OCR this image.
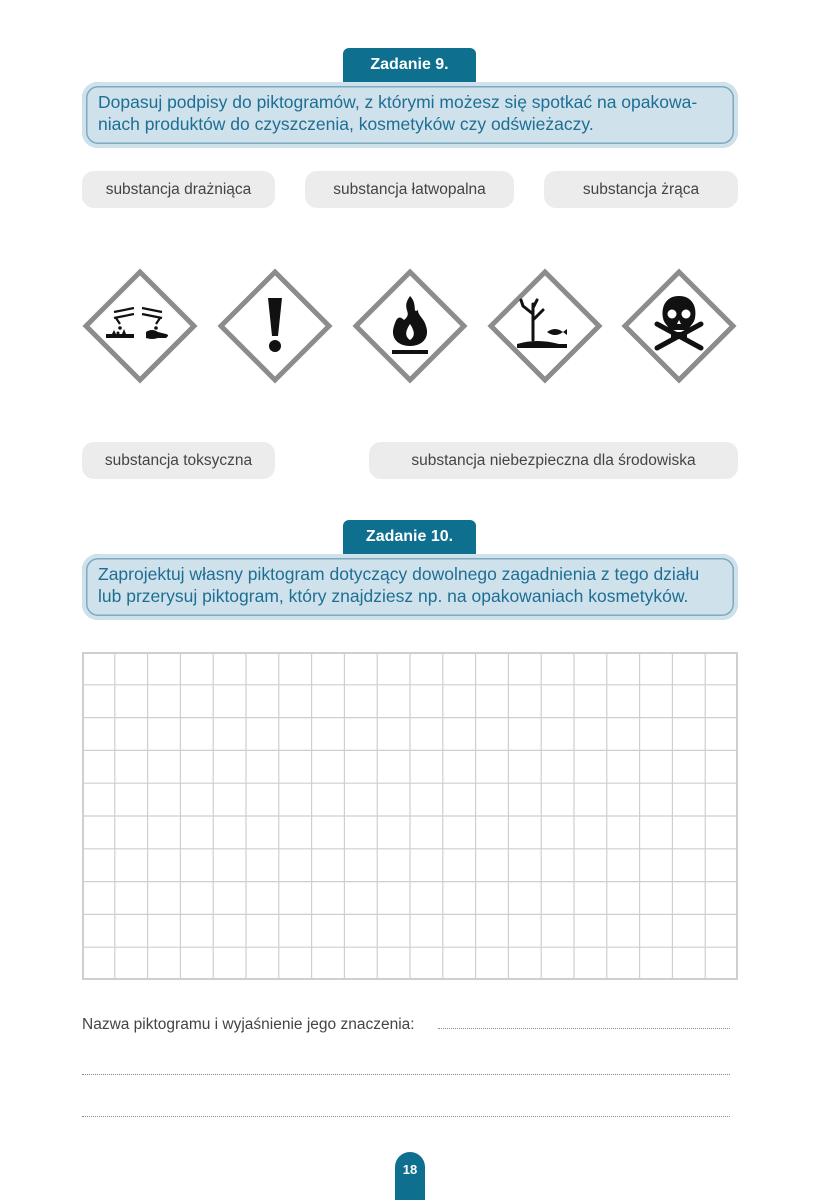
Zadanie 9.
Dopasuj podpisy do piktogramów, z którymi możesz się spotkać na opakowa-niach produktów do czyszczenia, kosmetyków czy odświeżaczy.
substancja drażniąca	substancja łatwopalna	substancja żrąca
substancja toksyczna	substancja niebezpieczna dla środowiska
Zadanie 10.
Zaprojektuj własny piktogram dotyczący dowolnego zagadnienia z tego działu lub przerysuj piktogram, który znajdziesz np. na opakowaniach kosmetyków.
Nazwa piktogramu i wyjaśnienie jego znaczenia:
18
